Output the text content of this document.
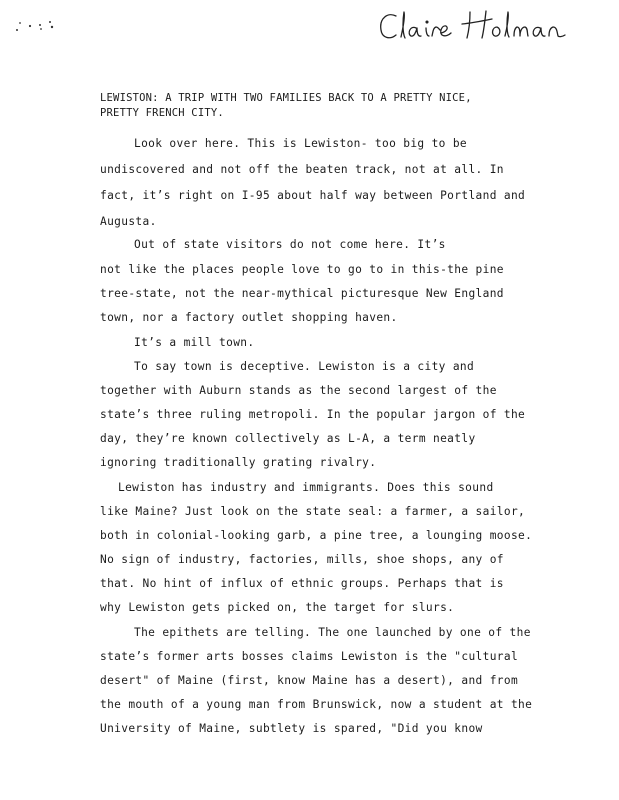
LEWISTON: A TRIP WITH TWO FAMILIES BACK TO A PRETTY NICE,
PRETTY FRENCH CITY.
Look over here. This is Lewiston- too big to be
undiscovered and not off the beaten track, not at all. In
fact, it’s right on I-95 about half way between Portland and
Augusta.
Out of state visitors do not come here. It’s
not like the places people love to go to in this-the pine
tree-state, not the near-mythical picturesque New England
town, nor a factory outlet shopping haven.
It’s a mill town.
To say town is deceptive. Lewiston is a city and
together with Auburn stands as the second largest of the
state’s three ruling metropoli. In the popular jargon of the
day, they’re known collectively as L-A, a term neatly
ignoring traditionally grating rivalry.
Lewiston has industry and immigrants. Does this sound
like Maine? Just look on the state seal: a farmer, a sailor,
both in colonial-looking garb, a pine tree, a lounging moose.
No sign of industry, factories, mills, shoe shops, any of
that. No hint of influx of ethnic groups. Perhaps that is
why Lewiston gets picked on, the target for slurs.
The epithets are telling. The one launched by one of the
state’s former arts bosses claims Lewiston is the "cultural
desert" of Maine (first, know Maine has a desert), and from
the mouth of a young man from Brunswick, now a student at the
University of Maine, subtlety is spared, "Did you know
